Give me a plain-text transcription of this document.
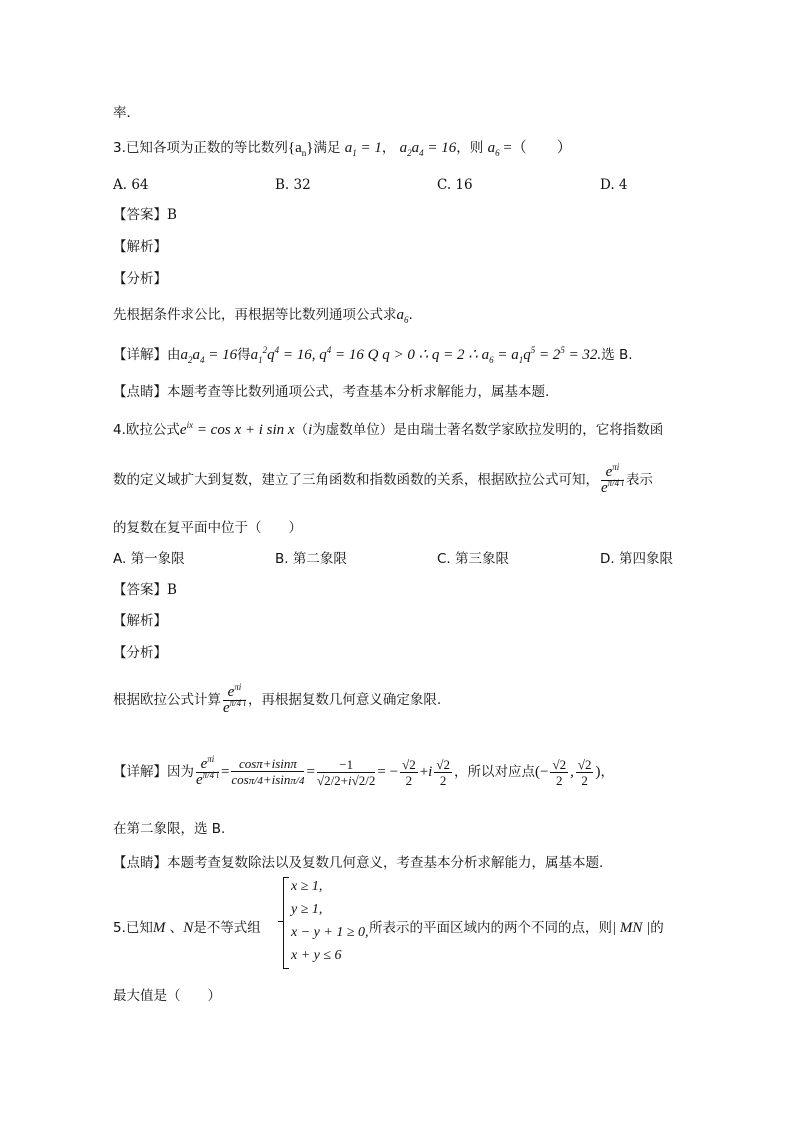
率．
3.已知各项为正数的等比数列$\{a_n\}$满足 $a_1 = 1$， $a_2a_4 = 16$，则 $a_6$ =（　　）
A. 64	B. 32	C. 16	D. 4
【答案】B
【解析】
【分析】
先根据条件求公比，再根据等比数列通项公式求$a_6$.
【详解】由$a_2a_4 = 16$得$a_1^2q^4 = 16$, $q^4 = 16$ Q q > 0 ∴ q = 2 ∴ $a_6 = a_1q^5 = 2^5 = 32$.选 B.
【点睛】本题考查等比数列通项公式，考查基本分析求解能力，属基本题.
4.欧拉公式$e^{ix} = \cos x + i$ sin x（i为虚数单位）是由瑞士著名数学家欧拉发明的，它将指数函
数的定义域扩大到复数，建立了三角函数和指数函数的关系，根据欧拉公式可知， $\frac{e^{\pi i}}{e^{\pi/4 i}}$ 表示
的复数在复平面中位于（　　）
A. 第一象限	B. 第二象限	C. 第三象限	D. 第四象限
【答案】B
【解析】
【分析】
根据欧拉公式计算 $\frac{e^{\pi i}}{e^{\pi/4 i}}$ ，再根据复数几何意义确定象限.
【详解】因为 $\frac{e^{\pi i}}{e^{\pi/4 i}} = \frac{\cos\pi+isin\pi}{\cos\pi/4+isin\pi/4} = \frac{-1}{√2/2+i√2/2}$ = − $\frac{√2}{2} +i \frac{√2}{2}$ ，所以对应点(− $\frac{√2}{2}$ , $\frac{√2}{2}$ )，
在第二象限，选 B.
【点睛】本题考查复数除法以及复数几何意义，考查基本分析求解能力，属基本题.
5.已知M 、N是不等式组
x ≥ 1,
y ≥ 1,
x − y + 1 ≥ 0,
x + y ≤ 6
所表示的平面区域内的两个不同的点，则| MN |的
最大值是（　　）
